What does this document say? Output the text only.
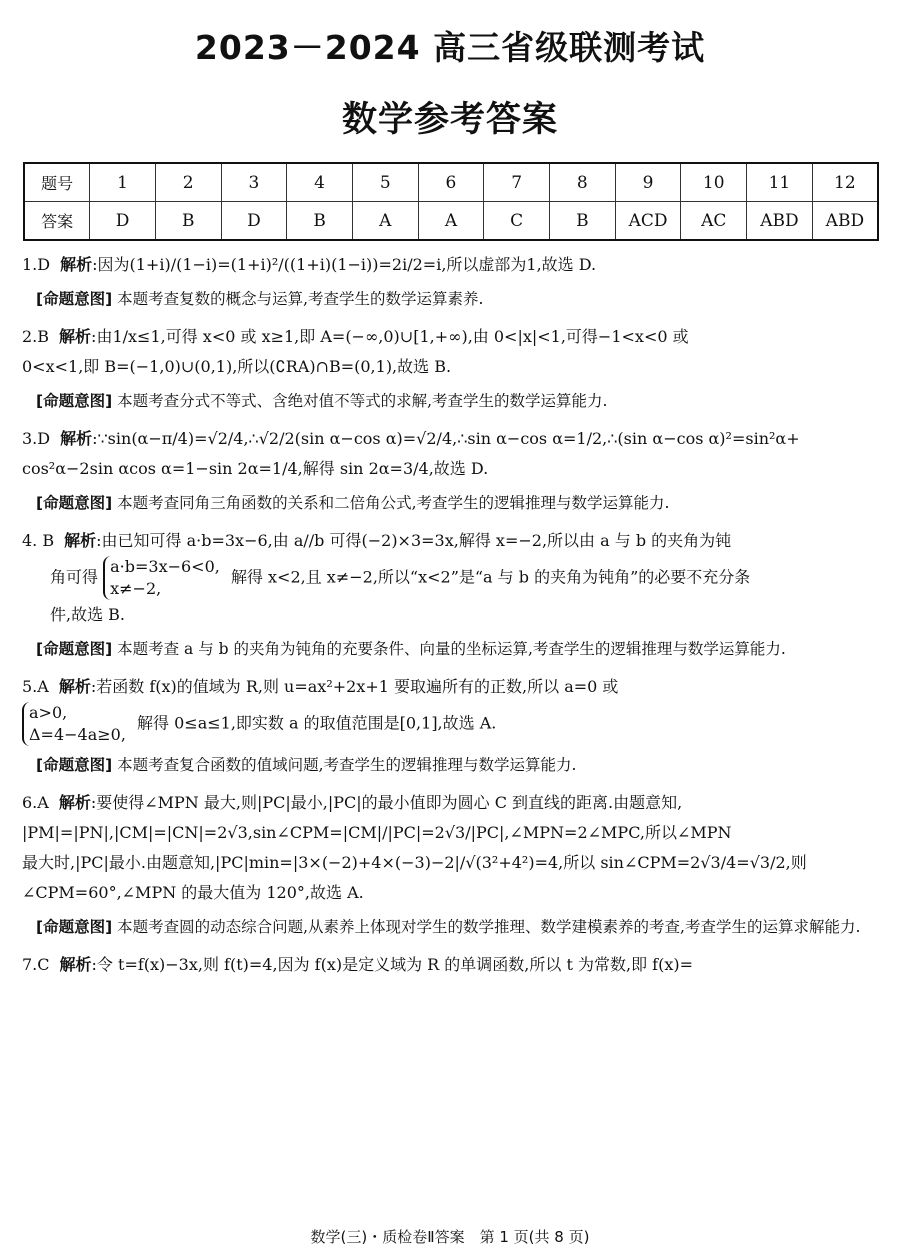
2023－2024 高三省级联测考试
数学参考答案
题号	1	2	3	4	5	6	7	8	9	10	11	12
答案	D	B	D	B	A	A	C	B	ACD	AC	ABD	ABD

1.D 解析:因为(1+i)/(1−i)=(1+i)²/((1+i)(1−i))=2i/2=i,所以虚部为1,故选 D.

[命题意图] 本题考查复数的概念与运算,考查学生的数学运算素养.

2.B 解析:由1/x≤1,可得 x<0 或 x≥1,即 A=(−∞,0)∪[1,+∞),由 0<|x|<1,可得−1<x<0 或

0<x<1,即 B=(−1,0)∪(0,1),所以(∁RA)∩B=(0,1),故选 B.

[命题意图] 本题考查分式不等式、含绝对值不等式的求解,考查学生的数学运算能力.

3.D 解析:∵sin(α−π/4)=√2/4,∴√2/2(sin α−cos α)=√2/4,∴sin α−cos α=1/2,∴(sin α−cos α)²=sin²α+

cos²α−2sin αcos α=1−sin 2α=1/4,解得 sin 2α=3/4,故选 D.

[命题意图] 本题考查同角三角函数的关系和二倍角公式,考查学生的逻辑推理与数学运算能力.

4. B 解析:由已知可得 a·b=3x−6,由 a//b 可得(−2)×3=3x,解得 x=−2,所以由 a 与 b 的夹角为钝

角可得
a·b=3x−6<0,
x≠−2,
解得 x<2,且 x≠−2,所以“x<2”是“a 与 b 的夹角为钝角”的必要不充分条

件,故选 B.

[命题意图] 本题考查 a 与 b 的夹角为钝角的充要条件、向量的坐标运算,考查学生的逻辑推理与数学运算能力.

5.A 解析:若函数 f(x)的值域为 R,则 u=ax²+2x+1 要取遍所有的正数,所以 a=0 或

a>0,
Δ=4−4a≥0,
解得 0≤a≤1,即实数 a 的取值范围是[0,1],故选 A.

[命题意图] 本题考查复合函数的值域问题,考查学生的逻辑推理与数学运算能力.

6.A 解析:要使得∠MPN 最大,则|PC|最小,|PC|的最小值即为圆心 C 到直线的距离.由题意知,

|PM|=|PN|,|CM|=|CN|=2√3,sin∠CPM=|CM|/|PC|=2√3/|PC|,∠MPN=2∠MPC,所以∠MPN

最大时,|PC|最小.由题意知,|PC|min=|3×(−2)+4×(−3)−2|/√(3²+4²)=4,所以 sin∠CPM=2√3/4=√3/2,则

∠CPM=60°,∠MPN 的最大值为 120°,故选 A.

[命题意图] 本题考查圆的动态综合问题,从素养上体现对学生的数学推理、数学建模素养的考查,考查学生的运算求解能力.

7.C 解析:令 t=f(x)−3x,则 f(t)=4,因为 f(x)是定义域为 R 的单调函数,所以 t 为常数,即 f(x)=

数学(三)・质检卷Ⅱ答案　第 1 页(共 8 页)
